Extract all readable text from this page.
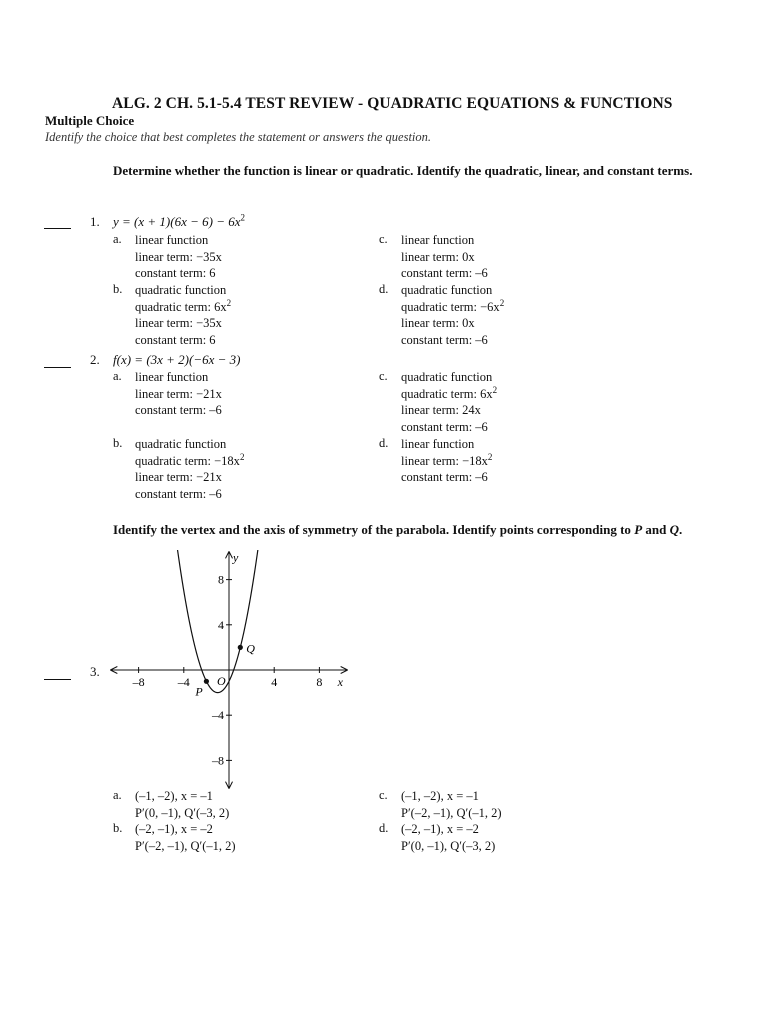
ALG. 2 CH. 5.1-5.4 TEST REVIEW - QUADRATIC EQUATIONS & FUNCTIONS
Multiple Choice
Identify the choice that best completes the statement or answers the question.
Determine whether the function is linear or quadratic. Identify the quadratic, linear, and constant terms.
1. $y = (x + 1)(6x - 6) - 6x^2$
a. linear function
linear term: −35x
constant term: 6
b. quadratic function
quadratic term: $6x^2$
linear term: −35x
constant term: 6
c. linear function
linear term: 0x
constant term: –6
d. quadratic function
quadratic term: $-6x^2$
linear term: 0x
constant term: –6
2. f(x) = (3x + 2)(−6x − 3)
a. linear function
linear term: −21x
constant term: –6
b. quadratic function
quadratic term: $-18x^2$
linear term: −21x
constant term: –6
c. quadratic function
quadratic term: $6x^2$
linear term: 24x
constant term: –6
d. linear function
linear term: $-18x^2$
constant term: –6
Identify the vertex and the axis of symmetry of the parabola. Identify points corresponding to P and Q.
3.
x
y
–8	–4	4	8
8
4
–4
–8
O
P
Q
a. (–1, –2), x = –1
P′(0, –1), Q′(–3, 2)
b. (–2, –1), x = –2
P′(–2, –1), Q′(–1, 2)
c. (–1, –2), x = –1
P′(–2, –1), Q′(–1, 2)
d. (–2, –1), x = –2
P′(0, –1), Q′(–3, 2)
